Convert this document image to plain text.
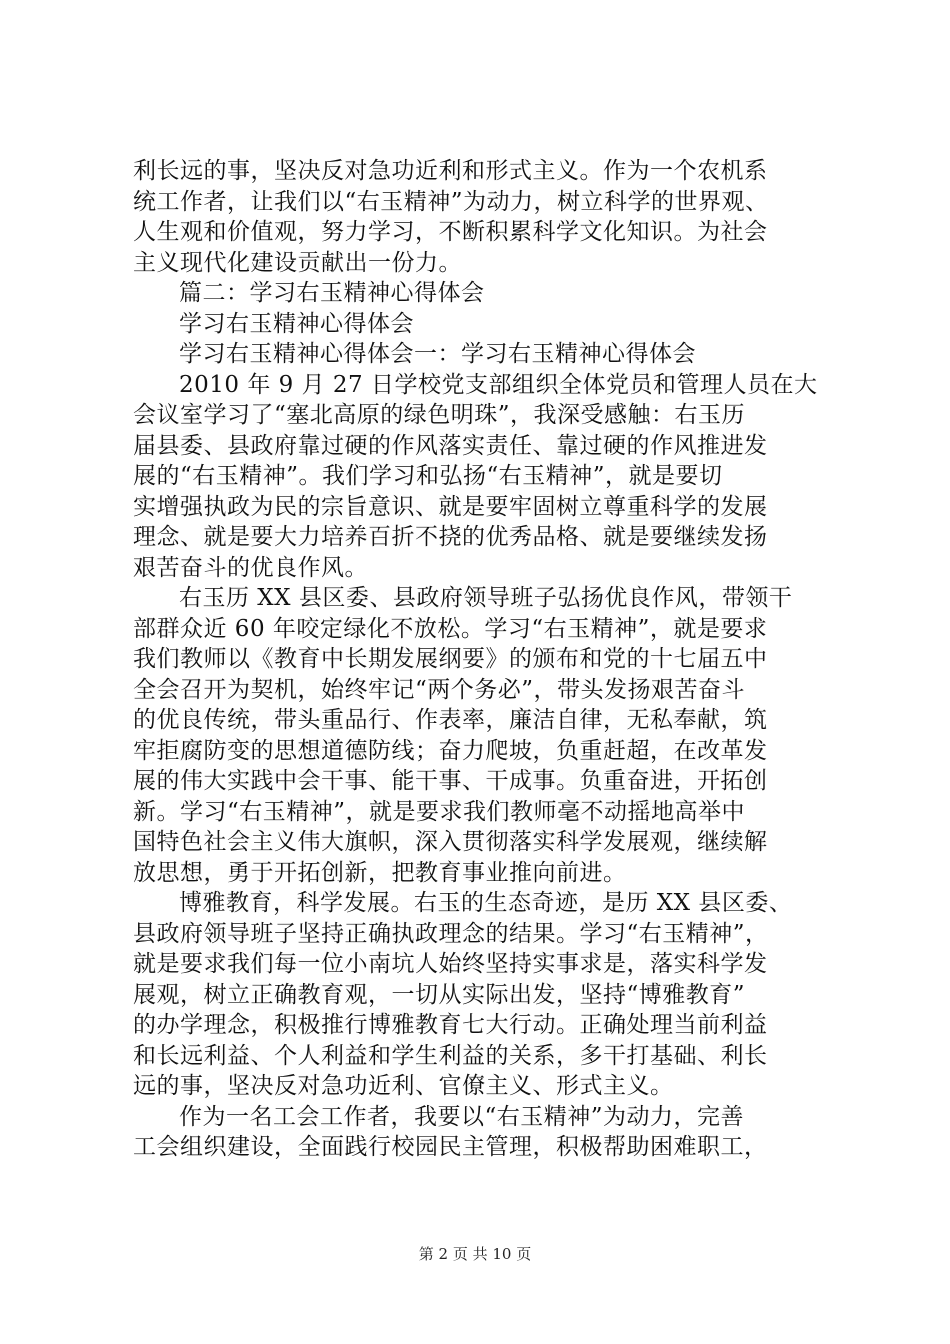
利长远的事，坚决反对急功近利和形式主义。作为一个农机系
统工作者，让我们以“右玉精神”为动力，树立科学的世界观、
人生观和价值观，努力学习，不断积累科学文化知识。为社会
主义现代化建设贡献出一份力。
篇二：学习右玉精神心得体会
学习右玉精神心得体会
学习右玉精神心得体会一：学习右玉精神心得体会
2010 年 9 月 27 日学校党支部组织全体党员和管理人员在大
会议室学习了“塞北高原的绿色明珠”，我深受感触：右玉历
届县委、县政府靠过硬的作风落实责任、靠过硬的作风推进发
展的“右玉精神”。我们学习和弘扬“右玉精神”，就是要切
实增强执政为民的宗旨意识、就是要牢固树立尊重科学的发展
理念、就是要大力培养百折不挠的优秀品格、就是要继续发扬
艰苦奋斗的优良作风。
右玉历 XX 县区委、县政府领导班子弘扬优良作风，带领干
部群众近 60 年咬定绿化不放松。学习“右玉精神”，就是要求
我们教师以《教育中长期发展纲要》的颁布和党的十七届五中
全会召开为契机，始终牢记“两个务必”，带头发扬艰苦奋斗
的优良传统，带头重品行、作表率，廉洁自律，无私奉献，筑
牢拒腐防变的思想道德防线；奋力爬坡，负重赶超，在改革发
展的伟大实践中会干事、能干事、干成事。负重奋进，开拓创
新。学习“右玉精神”，就是要求我们教师毫不动摇地高举中
国特色社会主义伟大旗帜，深入贯彻落实科学发展观，继续解
放思想，勇于开拓创新，把教育事业推向前进。
博雅教育，科学发展。右玉的生态奇迹，是历 XX 县区委、
县政府领导班子坚持正确执政理念的结果。学习“右玉精神”，
就是要求我们每一位小南坑人始终坚持实事求是，落实科学发
展观，树立正确教育观，一切从实际出发，坚持“博雅教育”
的办学理念，积极推行博雅教育七大行动。正确处理当前利益
和长远利益、个人利益和学生利益的关系，多干打基础、利长
远的事，坚决反对急功近利、官僚主义、形式主义。
作为一名工会工作者，我要以“右玉精神”为动力，完善
工会组织建设，全面践行校园民主管理，积极帮助困难职工，
第 2 页 共 10 页
